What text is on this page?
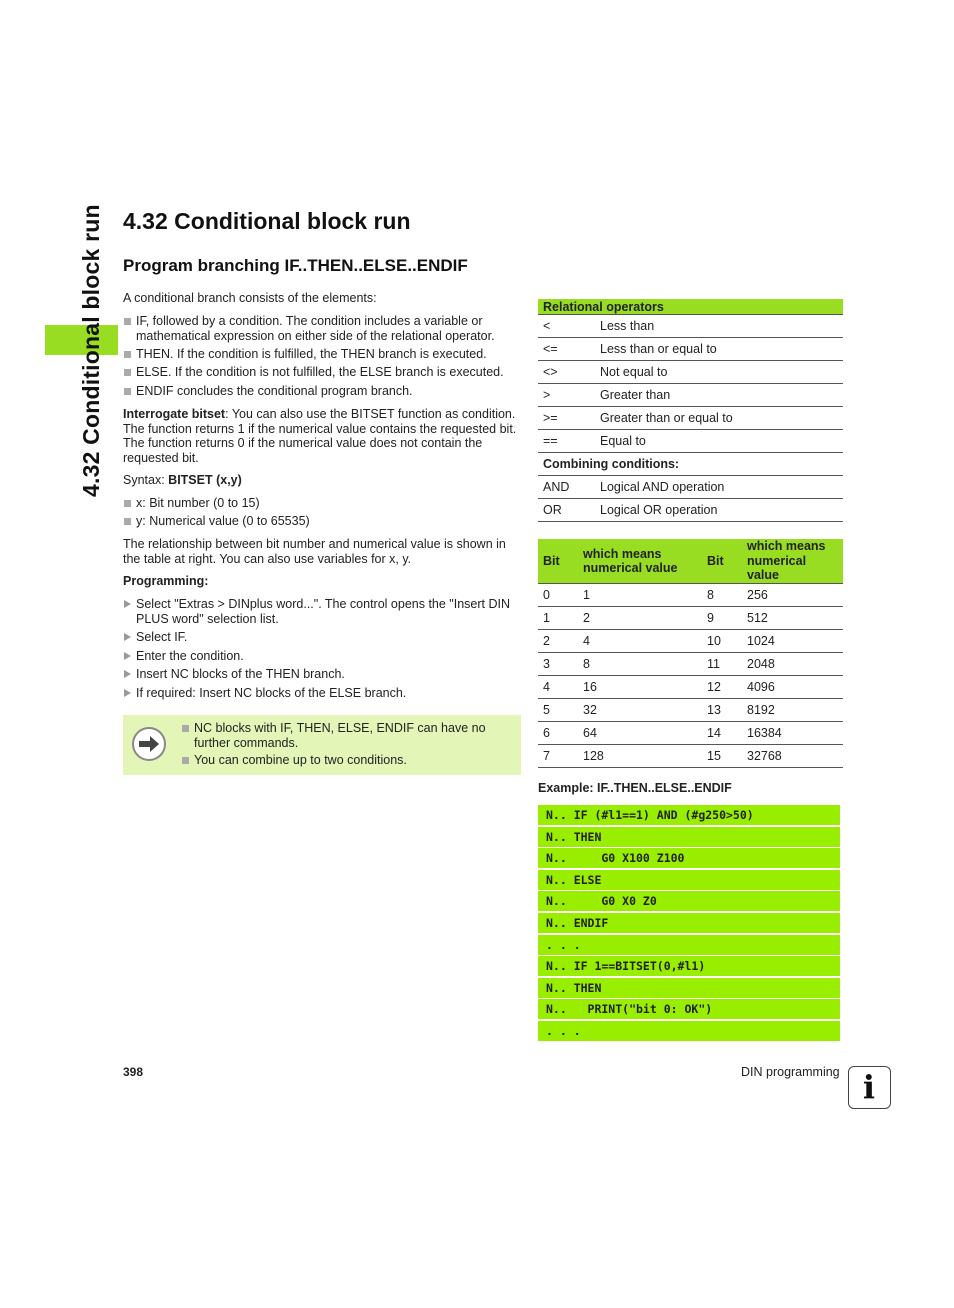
4.32 Conditional block run 4.32 Conditional block run
Program branching IF..THEN..ELSE..ENDIF
A conditional branch consists of the elements:
IF, followed by a condition. The condition includes a variable or mathematical expression on either side of the relational operator.
THEN. If the condition is fulfilled, the THEN branch is executed.
ELSE. If the condition is not fulfilled, the ELSE branch is executed.
ENDIF concludes the conditional program branch.
Interrogate bitset: You can also use the BITSET function as condition. The function returns 1 if the numerical value contains the requested bit. The function returns 0 if the numerical value does not contain the requested bit.
Syntax: BITSET (x,y)
x: Bit number (0 to 15)
y: Numerical value (0 to 65535)
The relationship between bit number and numerical value is shown in the table at right. You can also use variables for x, y.
Programming:
Select "Extras > DINplus word...". The control opens the "Insert DIN PLUS word" selection list.
Select IF.
Enter the condition.
Insert NC blocks of the THEN branch.
If required: Insert NC blocks of the ELSE branch.
NC blocks with IF, THEN, ELSE, ENDIF can have no further commands.
You can combine up to two conditions.
Relational operators	
<	Less than
<=	Less than or equal to
<>	Not equal to
>	Greater than
>=	Greater than or equal to
==	Equal to
Combining conditions:	
AND	Logical AND operation
OR	Logical OR operation
Bit	which means numerical value	Bit	which means numerical value
0	1	8	256
1	2	9	512
2	4	10	1024
3	8	11	2048
4	16	12	4096
5	32	13	8192
6	64	14	16384
7	128	15	32768
Example: IF..THEN..ELSE..ENDIF
N.. IF (#l1==1) AND (#g250>50)
N.. THEN
N..     G0 X100 Z100
N.. ELSE
N..     G0 X0 Z0
N.. ENDIF
. . .
N.. IF 1==BITSET(0,#l1)
N.. THEN
N..   PRINT("bit 0: OK")
. . .
398	DIN programming i
